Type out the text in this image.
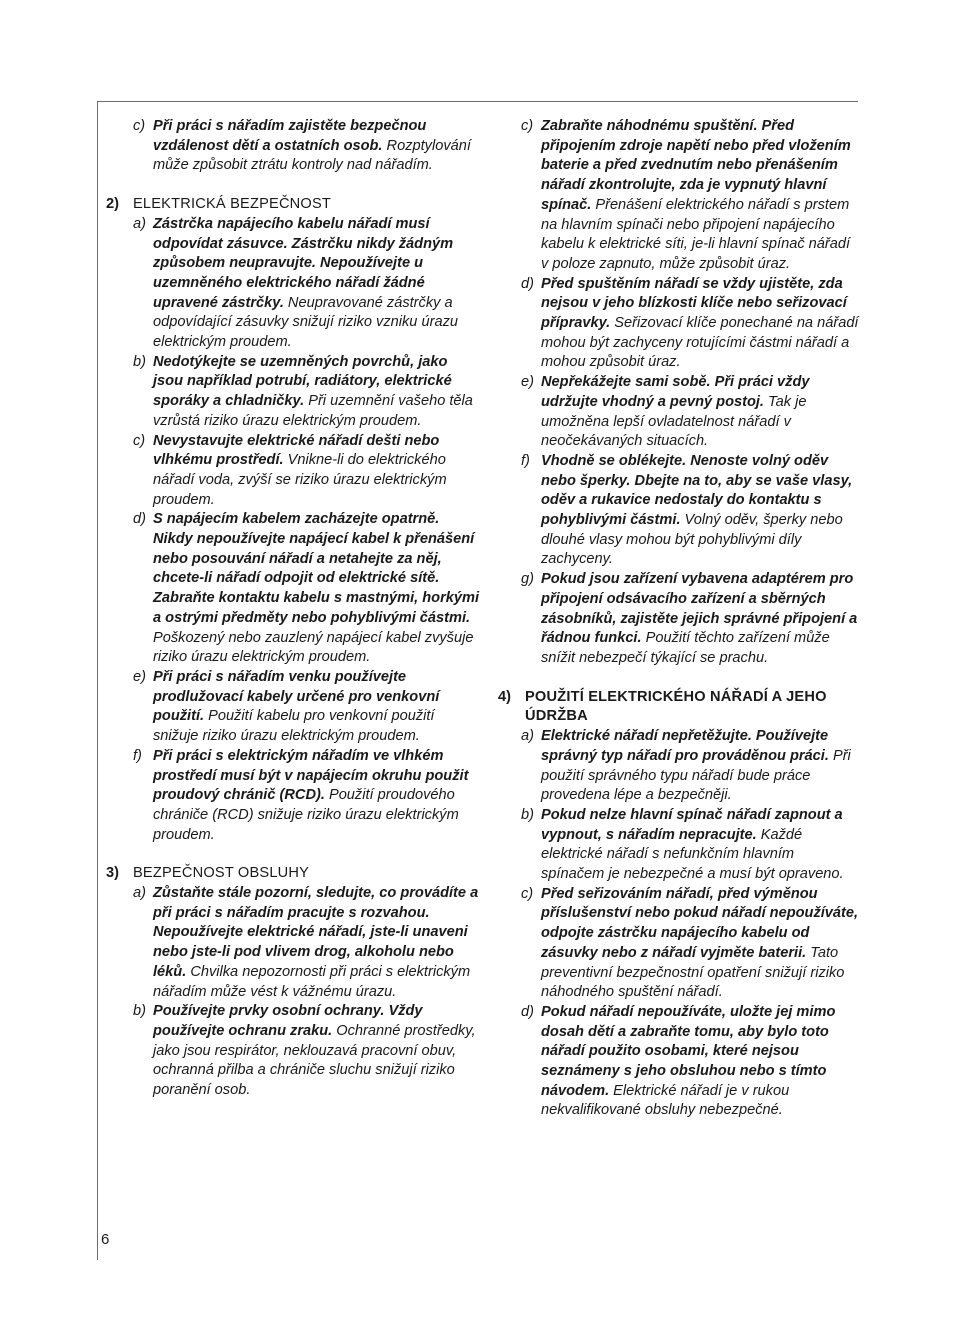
c) Při práci s nářadím zajistěte bezpečnou vzdálenost dětí a ostatních osob. Rozptylování může způsobit ztrátu kontroly nad nářadím.

2) ELEKTRICKÁ BEZPEČNOST
a) Zástrčka napájecího kabelu nářadí musí odpovídat zásuvce. Zástrčku nikdy žádným způsobem neupravujte. Nepoužívejte u uzemněného elektrického nářadí žádné upravené zástrčky. Neupravované zástrčky a odpovídající zásuvky snižují riziko vzniku úrazu elektrickým proudem.

b) Nedotýkejte se uzemněných povrchů, jako jsou například potrubí, radiátory, elektrické sporáky a chladničky. Při uzemnění vašeho těla vzrůstá riziko úrazu elektrickým proudem.

c) Nevystavujte elektrické nářadí dešti nebo vlhkému prostředí. Vnikne-li do elektrického nářadí voda, zvýší se riziko úrazu elektrickým proudem.

d) S napájecím kabelem zacházejte opatrně. Nikdy nepoužívejte napájecí kabel k přenášení nebo posouvání nářadí a netahejte za něj, chcete-li nářadí odpojit od elektrické sítě. Zabraňte kontaktu kabelu s mastnými, horkými a ostrými předměty nebo pohyblivými částmi. Poškozený nebo zauzlený napájecí kabel zvyšuje riziko úrazu elektrickým proudem.

e) Při práci s nářadím venku používejte prodlužovací kabely určené pro venkovní použití. Použití kabelu pro venkovní použití snižuje riziko úrazu elektrickým proudem.

f) Při práci s elektrickým nářadím ve vlhkém prostředí musí být v napájecím okruhu použit proudový chránič (RCD). Použití proudového chrániče (RCD) snižuje riziko úrazu elektrickým proudem.

3) BEZPEČNOST OBSLUHY
a) Zůstaňte stále pozorní, sledujte, co provádíte a při práci s nářadím pracujte s rozvahou. Nepoužívejte elektrické nářadí, jste-li unaveni nebo jste-li pod vlivem drog, alkoholu nebo léků. Chvilka nepozornosti při práci s elektrickým nářadím může vést k vážnému úrazu.

b) Používejte prvky osobní ochrany. Vždy používejte ochranu zraku. Ochranné prostředky, jako jsou respirátor, neklouzavá pracovní obuv, ochranná přilba a chrániče sluchu snižují riziko poranění osob.

c) Zabraňte náhodnému spuštění. Před připojením zdroje napětí nebo před vložením baterie a před zvednutím nebo přenášením nářadí zkontrolujte, zda je vypnutý hlavní spínač. Přenášení elektrického nářadí s prstem na hlavním spínači nebo připojení napájecího kabelu k elektrické síti, je-li hlavní spínač nářadí v poloze zapnuto, může způsobit úraz.

d) Před spuštěním nářadí se vždy ujistěte, zda nejsou v jeho blízkosti klíče nebo seřizovací přípravky. Seřizovací klíče ponechané na nářadí mohou být zachyceny rotujícími částmi nářadí a mohou způsobit úraz.

e) Nepřekážejte sami sobě. Při práci vždy udržujte vhodný a pevný postoj. Tak je umožněna lepší ovladatelnost nářadí v neočekávaných situacích.

f) Vhodně se oblékejte. Nenoste volný oděv nebo šperky. Dbejte na to, aby se vaše vlasy, oděv a rukavice nedostaly do kontaktu s pohyblivými částmi. Volný oděv, šperky nebo dlouhé vlasy mohou být pohyblivými díly zachyceny.

g) Pokud jsou zařízení vybavena adaptérem pro připojení odsávacího zařízení a sběrných zásobníků, zajistěte jejich správné připojení a řádnou funkci. Použití těchto zařízení může snížit nebezpečí týkající se prachu.

4) POUŽITÍ ELEKTRICKÉHO NÁŘADÍ A JEHO ÚDRŽBA
a) Elektrické nářadí nepřetěžujte. Používejte správný typ nářadí pro prováděnou práci. Při použití správného typu nářadí bude práce provedena lépe a bezpečněji.

b) Pokud nelze hlavní spínač nářadí zapnout a vypnout, s nářadím nepracujte. Každé elektrické nářadí s nefunkčním hlavním spínačem je nebezpečné a musí být opraveno.

c) Před seřizováním nářadí, před výměnou příslušenství nebo pokud nářadí nepoužíváte, odpojte zástrčku napájecího kabelu od zásuvky nebo z nářadí vyjměte baterii. Tato preventivní bezpečnostní opatření snižují riziko náhodného spuštění nářadí.

d) Pokud nářadí nepoužíváte, uložte jej mimo dosah dětí a zabraňte tomu, aby bylo toto nářadí použito osobami, které nejsou seznámeny s jeho obsluhou nebo s tímto návodem. Elektrické nářadí je v rukou nekvalifikované obsluhy nebezpečné.

6
